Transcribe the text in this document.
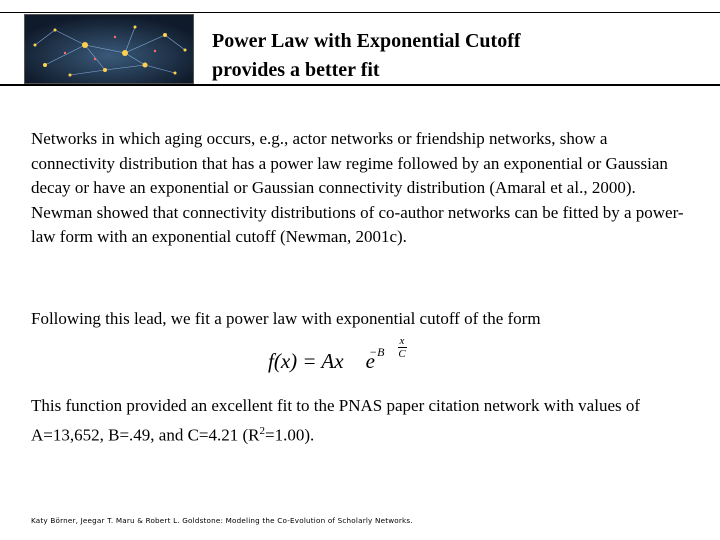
Power Law with Exponential Cutoff
provides a better fit
Networks in which aging occurs, e.g., actor networks or friendship networks, show a connectivity distribution that has a power law regime followed by an exponential or Gaussian decay or have an exponential or Gaussian connectivity distribution (Amaral et al., 2000). Newman showed that connectivity distributions of co-author networks can be fitted by a power-law form with an exponential cutoff (Newman, 2001c).
Following this lead, we fit a power law with exponential cutoff of the form
f(x) = Ax e
−B
x
C
This function provided an excellent fit to the PNAS paper citation network with values of A=13,652, B=.49, and C=4.21 $(R^2=1.00)$.
Katy Börner, Jeegar T. Maru & Robert L. Goldstone: Modeling the Co-Evolution of Scholarly Networks.
